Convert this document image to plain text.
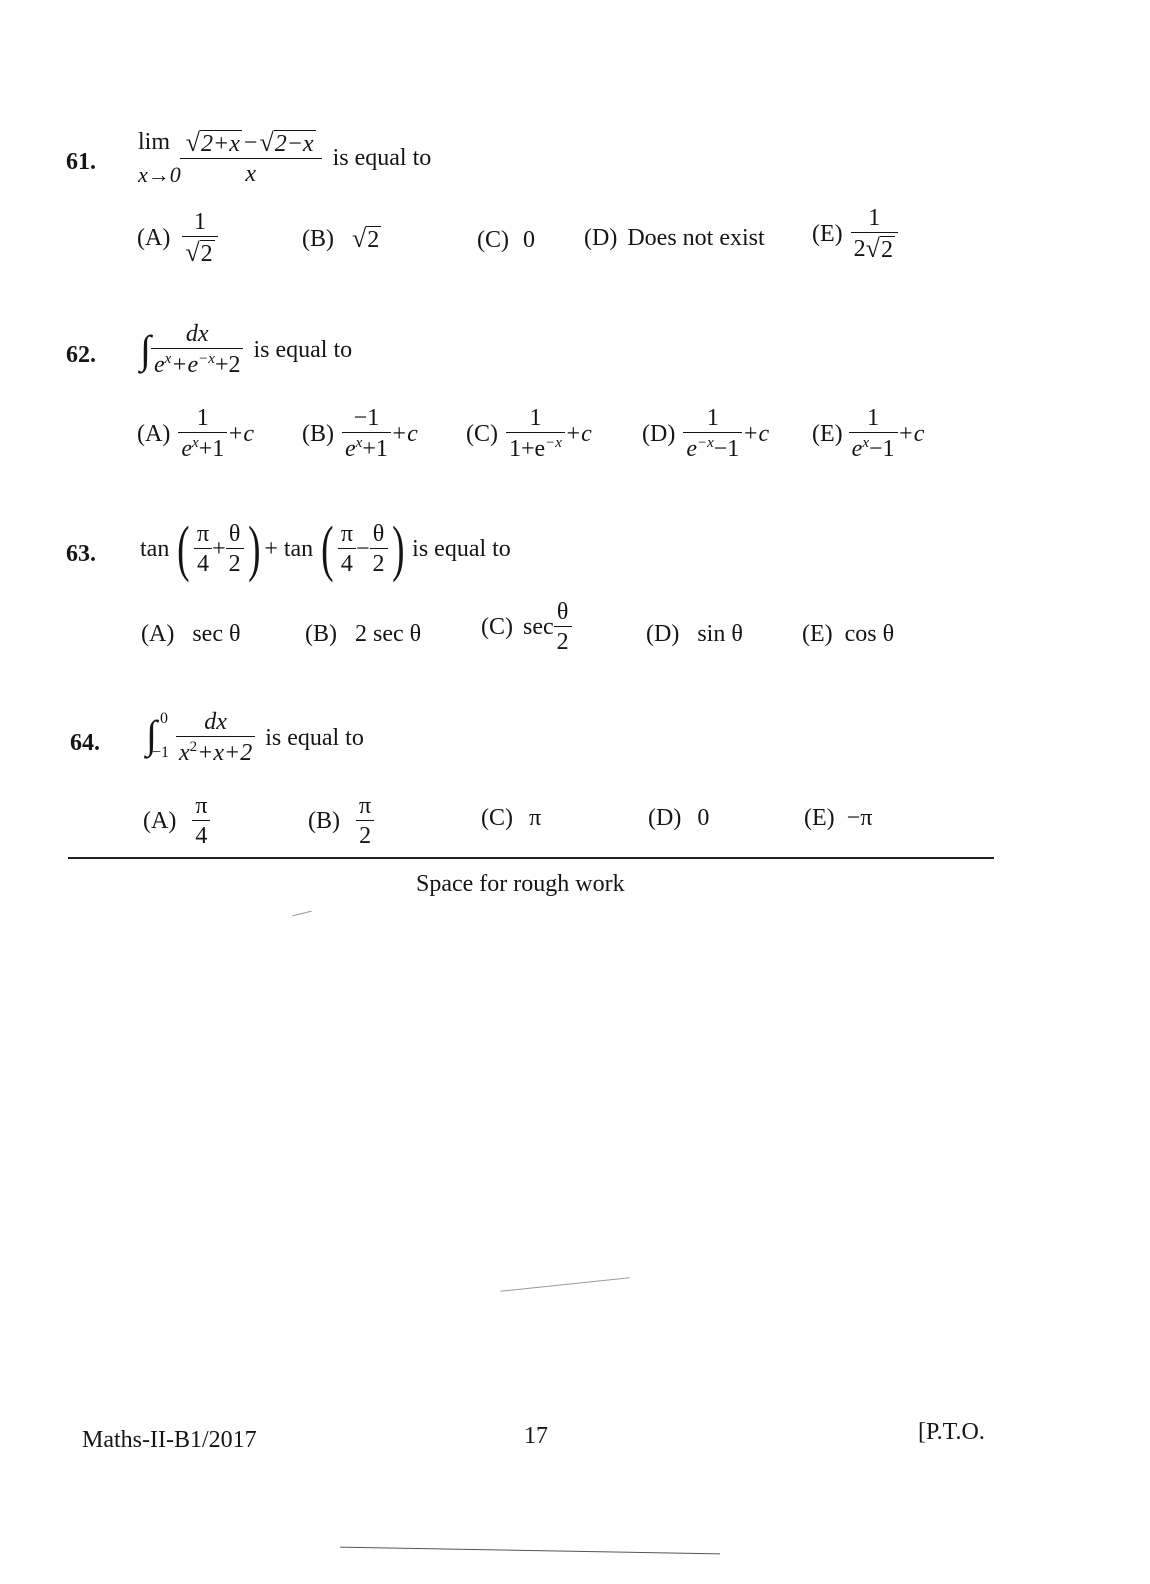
61.
lim
$x\to 0 \frac{√ 2+x - √ 2-x}{x}$ is equal to
$(A) \frac{1}{√ 2}$	(B) √ 2	(C) 0 (D) Does not exist $(E) \frac{1}{2 √ 2}$
62. ∫ $\frac{dx}{e^x+e^{-x}+2}$ is equal to
$(A) \frac{1}{e^x+1} +c$ $(B) \frac{-1}{e^x+1} +c$ $(C) \frac{1}{1+e^{-x}} +c$ $(D) \frac{1}{e^{-x}-1} +c$ $(E) \frac{1}{e^x-1} +c$
63. tan ( $\frac{\pi}{4} + \frac{\theta}{2}$ ) + tan ( $\frac{\pi}{4} - \frac{\theta}{2}$ ) is equal to
(A) sec θ	(B) 2 sec θ (C) $\sec \frac{\theta}{2}$	(D) sin θ (E) cos θ
64. ∫ 0
$-1 \frac{dx}{x^2+x+2}$ is equal to
$(A) \frac{\pi}{4}$	$(B) \frac{\pi}{2}$	(C) π	(D) 0	(E) −π
Space for rough work
Maths-II-B1/2017	17	[P.T.O.
